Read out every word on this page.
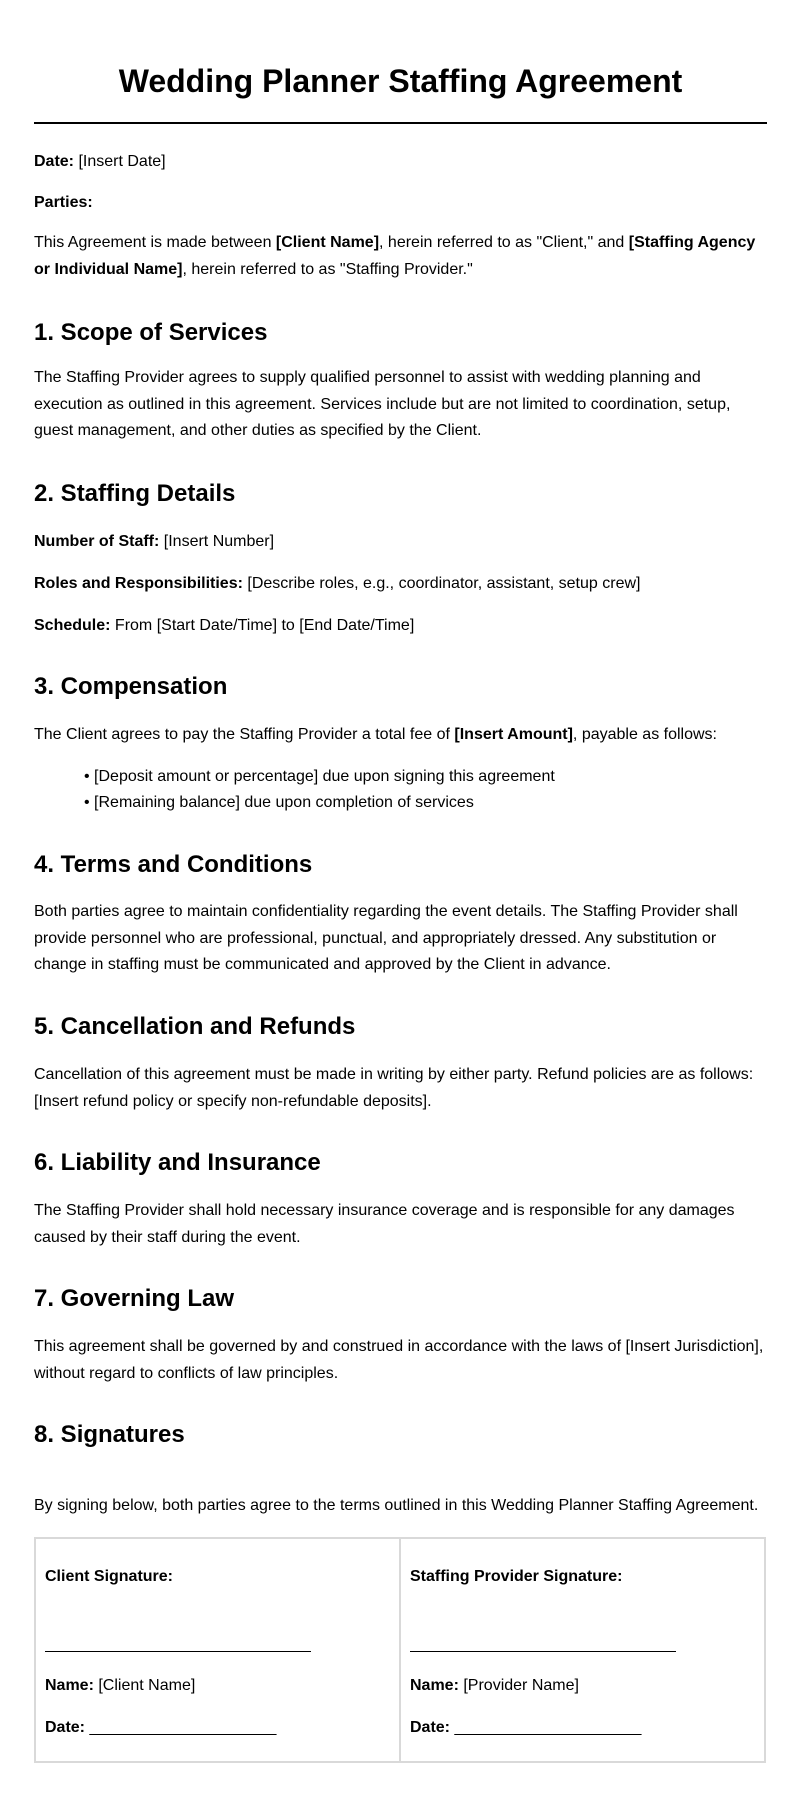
Wedding Planner Staffing Agreement
Date: [Insert Date]
Parties:

This Agreement is made between [Client Name], herein referred to as "Client," and [Staffing Agency or Individual Name], herein referred to as "Staffing Provider."

1. Scope of Services

The Staffing Provider agrees to supply qualified personnel to assist with wedding planning and execution as outlined in this agreement. Services include but are not limited to coordination, setup, guest management, and other duties as specified by the Client.

2. Staffing Details
Number of Staff: [Insert Number]
Roles and Responsibilities: [Describe roles, e.g., coordinator, assistant, setup crew]
Schedule: From [Start Date/Time] to [End Date/Time]
3. Compensation

The Client agrees to pay the Staffing Provider a total fee of [Insert Amount], payable as follows:

• [Deposit amount or percentage] due upon signing this agreement
• [Remaining balance] due upon completion of services
4. Terms and Conditions

Both parties agree to maintain confidentiality regarding the event details. The Staffing Provider shall provide personnel who are professional, punctual, and appropriately dressed. Any substitution or change in staffing must be communicated and approved by the Client in advance.

5. Cancellation and Refunds

Cancellation of this agreement must be made in writing by either party. Refund policies are as follows: [Insert refund policy or specify non-refundable deposits].

6. Liability and Insurance

The Staffing Provider shall hold necessary insurance coverage and is responsible for any damages caused by their staff during the event.

7. Governing Law

This agreement shall be governed by and construed in accordance with the laws of [Insert Jurisdiction], without regard to conflicts of law principles.

8. Signatures

By signing below, both parties agree to the terms outlined in this Wedding Planner Staffing Agreement.

Client Signature:
Name: [Client Name]
Date: _____________________
Staffing Provider Signature:
Name: [Provider Name]
Date: _____________________
